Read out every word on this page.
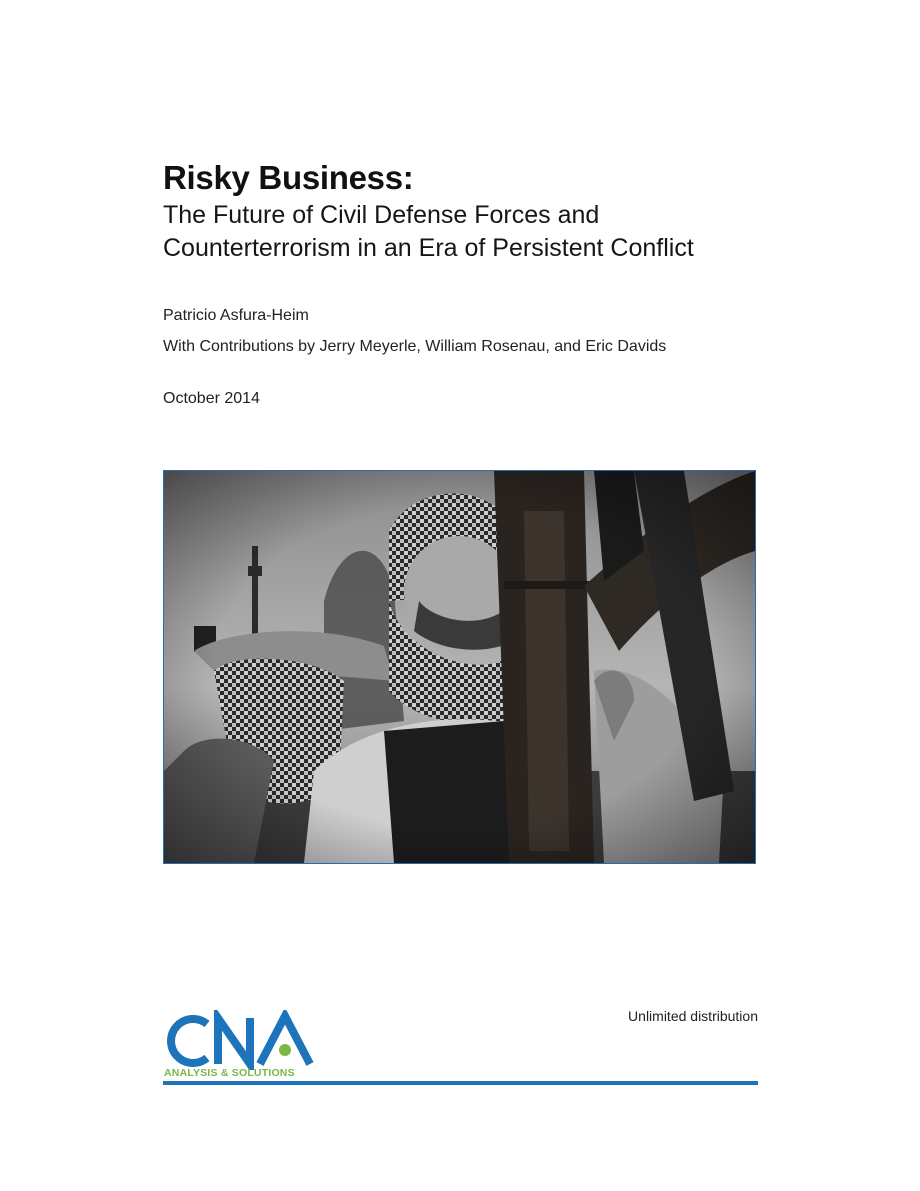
Risky Business:
The Future of Civil Defense Forces and Counterterrorism in an Era of Persistent Conflict

Patricio Asfura-Heim

With Contributions by Jerry Meyerle, William Rosenau, and Eric Davids

October 2014

Unlimited distribution

ANALYSIS & SOLUTIONS
